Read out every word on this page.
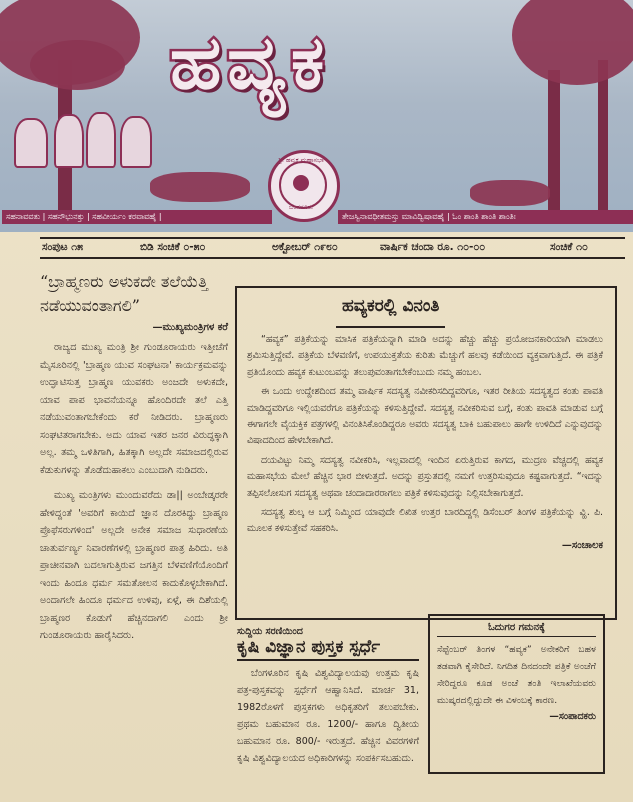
ಹವ್ಯಕ
ಶ್ರೀ ಹವ್ಯಕ ಮಹಾಸಭಾ
ಬೆಂಗಳೂರು
ಸಹನಾವವತು | ಸಹನೌಭುನಕ್ತು | ಸಹವೀರ್ಯಂ ಕರವಾವಹೈ |	ತೇಜಸ್ವಿನಾವಧೀತಮಸ್ತು ಮಾವಿದ್ವಿಷಾವಹೈ | ಓಂ ಶಾಂತಿ ಶಾಂತಿ ಶಾಂತಿಃ
ಸಂಪುಟ ೧೫	ಬಿಡಿ ಸಂಚಿಕೆ ೦-೫೦	ಅಕ್ಟೋಬರ್ ೧೯೮೦	ವಾರ್ಷಿಕ ಚಂದಾ ರೂ. ೧೦-೦೦	ಸಂಚಿಕೆ ೧೦
“ಬ್ರಾಹ್ಮಣರು ಅಳುಕದೇ ತಲೆಯೆತ್ತಿ ನಡೆಯುವಂತಾಗಲಿ”
—ಮುಖ್ಯಮಂತ್ರಿಗಳ ಕರೆ

ರಾಜ್ಯದ ಮುಖ್ಯ ಮಂತ್ರಿ ಶ್ರೀ ಗುಂಡೂರಾಯರು ಇತ್ತೀಚೆಗೆ ಮೈಸೂರಿನಲ್ಲಿ 'ಬ್ರಾಹ್ಮಣ ಯುವ ಸಂಘಟನಾ' ಕಾರ್ಯಕ್ರಮವನ್ನು ಉದ್ಘಾಟಿಸುತ್ತ ಬ್ರಾಹ್ಮಣ ಯುವಕರು ಅಂಜದೇ ಅಳುಕದೇ, ಯಾವ ಪಾಪ ಭಾವನೆಯನ್ನೂ ಹೊಂದಿರದೇ ತಲೆ ಎತ್ತಿ ನಡೆಯುವಂತಾಗಬೇಕೆಂದು ಕರೆ ನೀಡಿದರು. ಬ್ರಾಹ್ಮಣರು ಸಂಘಟಿತರಾಗಬೇಕು. ಅದು ಯಾವ ಇತರ ಜನರ ವಿರುದ್ಧಕ್ಕಾಗಿ ಅಲ್ಲ. ತಮ್ಮ ಒಳಿತಿಗಾಗಿ, ಹಿತಕ್ಕಾಗಿ ಅಲ್ಲದೇ ಸಮಾಜದಲ್ಲಿರುವ ಕೆಡುಕುಗಳನ್ನು ತೊಡೆದುಹಾಕಲು ಎಂಬುದಾಗಿ ನುಡಿದರು.

ಮುಖ್ಯ ಮಂತ್ರಿಗಳು ಮುಂದುವರೆದು ಡಾ|| ಅಂಬೇಡ್ಕರರೇ ಹೇಳಿದ್ದಂತೆ 'ಅವರಿಗೆ ಕಾಯಿದೆ ಜ್ಞಾನ ದೊರಕಿದ್ದು ಬ್ರಾಹ್ಮಣ ಪ್ರೊಫೆಸರುಗಳಿಂದ' ಅಲ್ಲದೇ ಅನೇಕ ಸಮಾಜ ಸುಧಾರಣೆಯ ಚಾತುರ್ವರ್ಣ್ಯ ನಿವಾರಣೆಗಳಲ್ಲಿ ಬ್ರಾಹ್ಮಣರ ಪಾತ್ರ ಹಿರಿದು. ಅತಿ ಪ್ರಾಚೀನವಾಗಿ ಬದಲಾಗುತ್ತಿರುವ ಜಗತ್ತಿನ ಬೆಳವಣಿಗೆಯೊಂದಿಗೆ ಇಂದು ಹಿಂದೂ ಧರ್ಮ ಸಮತೋಲನ ಕಾದುಕೊಳ್ಳಬೇಕಾಗಿದೆ. ಅಂದಾಗಲೇ ಹಿಂದೂ ಧರ್ಮದ ಉಳಿವು, ಏಳ್ಗೆ, ಈ ದಿಶೆಯಲ್ಲಿ ಬ್ರಾಹ್ಮಣರ ಕೊಡುಗೆ ಹೆಚ್ಚಿನದಾಗಲಿ ಎಂದು ಶ್ರೀ ಗುಂಡೂರಾಯರು ಹಾರೈಸಿದರು.

ಹವ್ಯಕರಲ್ಲಿ ವಿನಂತಿ

“ಹವ್ಯಕ” ಪತ್ರಿಕೆಯನ್ನು ಮಾಸಿಕ ಪತ್ರಿಕೆಯನ್ನಾಗಿ ಮಾಡಿ ಅದನ್ನು ಹೆಚ್ಚು ಹೆಚ್ಚು ಪ್ರಯೋಜನಕಾರಿಯಾಗಿ ಮಾಡಲು ಶ್ರಮಿಸುತ್ತಿದ್ದೇವೆ. ಪತ್ರಿಕೆಯ ಬೆಳವಣಿಗೆ, ಉಪಯುಕ್ತತೆಯ ಕುರಿತು ಮೆಚ್ಚುಗೆ ಹಲವು ಕಡೆಯಿಂದ ವ್ಯಕ್ತವಾಗುತ್ತಿದೆ. ಈ ಪತ್ರಿಕೆ ಪ್ರತಿಯೊಂದು ಹವ್ಯಕ ಕುಟುಂಬವನ್ನು ತಲುಪುವಂತಾಗಬೇಕೆಂಬುದು ನಮ್ಮ ಹಂಬಲ.

ಈ ಒಂದು ಉದ್ದೇಶದಿಂದ ತಮ್ಮ ವಾರ್ಷಿಕ ಸದಸ್ಯತ್ವ ನವೀಕರಿಸದಿದ್ದವರಿಗೂ, ಇತರ ರೀತಿಯ ಸದಸ್ಯತ್ವದ ಕಂತು ಪಾವತಿ ಮಾಡಿದ್ದವರಿಗೂ ಇಲ್ಲಿಯವರೆಗೂ ಪತ್ರಿಕೆಯನ್ನು ಕಳಿಸುತ್ತಿದ್ದೇವೆ. ಸದಸ್ಯತ್ವ ನವೀಕರಿಸುವ ಬಗ್ಗೆ, ಕಂತು ಪಾವತಿ ಮಾಡುವ ಬಗ್ಗೆ ಈಗಾಗಲೇ ವೈಯಕ್ತಿಕ ಪತ್ರಗಳಲ್ಲಿ ವಿನಂತಿಸಿಕೊಂಡಿದ್ದರೂ ಅವರು ಸದಸ್ಯತ್ವ ಬಾಕಿ ಬಹುಪಾಲು ಹಾಗೇ ಉಳಿದಿದೆ ಎನ್ನುವುದನ್ನು ವಿಷಾದದಿಂದ ಹೇಳಬೇಕಾಗಿದೆ.

ದಯವಿಟ್ಟು ನಿಮ್ಮ ಸದಸ್ಯತ್ವ ನವೀಕರಿಸಿ, ಇಲ್ಲವಾದಲ್ಲಿ ಇಂದಿನ ಏರುತ್ತಿರುವ ಕಾಗದ, ಮುದ್ರಣ ವೆಚ್ಚದಲ್ಲಿ ಹವ್ಯಕ ಮಹಾಸಭೆಯ ಮೇಲೆ ಹೆಚ್ಚಿನ ಭಾರ ಬೀಳುತ್ತದೆ. ಅದನ್ನು ಪ್ರಸ್ತುತದಲ್ಲಿ ನಮಗೆ ಉತ್ತರಿಸುವುದೂ ಕಷ್ಟವಾಗುತ್ತದೆ. “ಇದನ್ನು ತಪ್ಪಿಸಲೋಸುಗ ಸದಸ್ಯತ್ವ ಅಥವಾ ಚಂದಾದಾರರಾಗಲು ಪತ್ರಿಕೆ ಕಳಿಸುವುದನ್ನು ನಿಲ್ಲಿಸಬೇಕಾಗುತ್ತದೆ.

ಸದಸ್ಯತ್ವ ಶುಲ್ಕ ಆ ಬಗ್ಗೆ ನಿಮ್ಮಿಂದ ಯಾವುದೇ ಲಿಖಿತ ಉತ್ತರ ಬಾರದಿದ್ದಲ್ಲಿ ಡಿಸೆಂಬರ್ ತಿಂಗಳ ಪತ್ರಿಕೆಯನ್ನು ವ್ಹಿ. ಪಿ. ಮೂಲಕ ಕಳಿಸುತ್ತೇವೆ ಸಹಕರಿಸಿ.

—ಸಂಚಾಲಕ
ಸುದ್ದಿಯ ಸರಣಿಯಿಂದ
ಕೃಷಿ ವಿಜ್ಞಾನ ಪುಸ್ತಕ ಸ್ಪರ್ಧೆ

ಬೆಂಗಳೂರಿನ ಕೃಷಿ ವಿಶ್ವವಿದ್ಯಾಲಯವು ಉತ್ತಮ ಕೃಷಿ ಪತ್ರ-ಪುಸ್ತಕವನ್ನು ಸ್ಪರ್ಧೆಗೆ ಆಹ್ವಾನಿಸಿದೆ. ಮಾರ್ಚ 31, 1982ರೊಳಗೆ ಪುಸ್ತಕಗಳು ಅಧಿಕೃತರಿಗೆ ತಲುಪಬೇಕು. ಪ್ರಥಮ ಬಹುಮಾನ ರೂ. 1200/- ಹಾಗೂ ದ್ವಿತೀಯ ಬಹುಮಾನ ರೂ. 800/- ಇರುತ್ತದೆ. ಹೆಚ್ಚಿನ ವಿವರಗಳಿಗೆ ಕೃಷಿ ವಿಶ್ವವಿದ್ಯಾಲಯದ ಅಧಿಕಾರಿಗಳನ್ನು ಸಂಪರ್ಕಿಸಬಹುದು.

ಓದುಗರ ಗಮನಕ್ಕೆ
ಸೆಪ್ಟೆಂಬರ್ ತಿಂಗಳ “ಹವ್ಯಕ” ಅನೇಕರಿಗೆ ಬಹಳ ತಡವಾಗಿ ಕೈಸೇರಿದೆ. ನಿಗದಿತ ದಿನದಂದೇ ಪತ್ರಿಕೆ ಅಂಚೆಗೆ ಸೇರಿದ್ದರೂ ಕೂಡ ಅಂಚೆ ತಂತಿ ಇಲಾಖೆಯವರು ಮುಷ್ಕರದಲ್ಲಿದ್ದುದೇ ಈ ವಿಳಂಬಕ್ಕೆ ಕಾರಣ.
—ಸಂಪಾದಕರು
